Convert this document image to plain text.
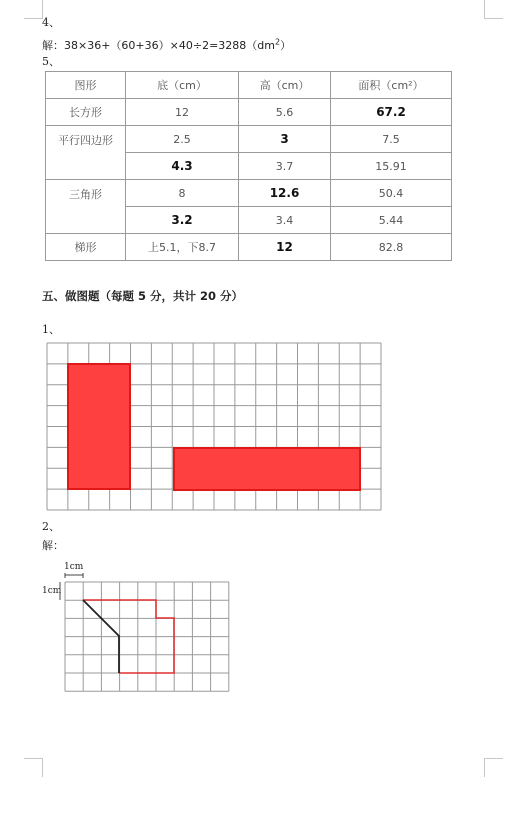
4、
解：$38\times 36+(60+36)\times 40\div 2=3288(dm^2)$
5、
图形	底（cm）	高（cm）	面积（cm²）
长方形	12	5.6	67.2
平行四边形	2.5	3	7.5
	4.3	3.7	15.91
三角形	8	12.6	50.4
	3.2	3.4	5.44
梯形	上5.1，下8.7	12	82.8
五、做图题（每题 5 分，共计 20 分）
1、
2、
解：
1cm
1cm
